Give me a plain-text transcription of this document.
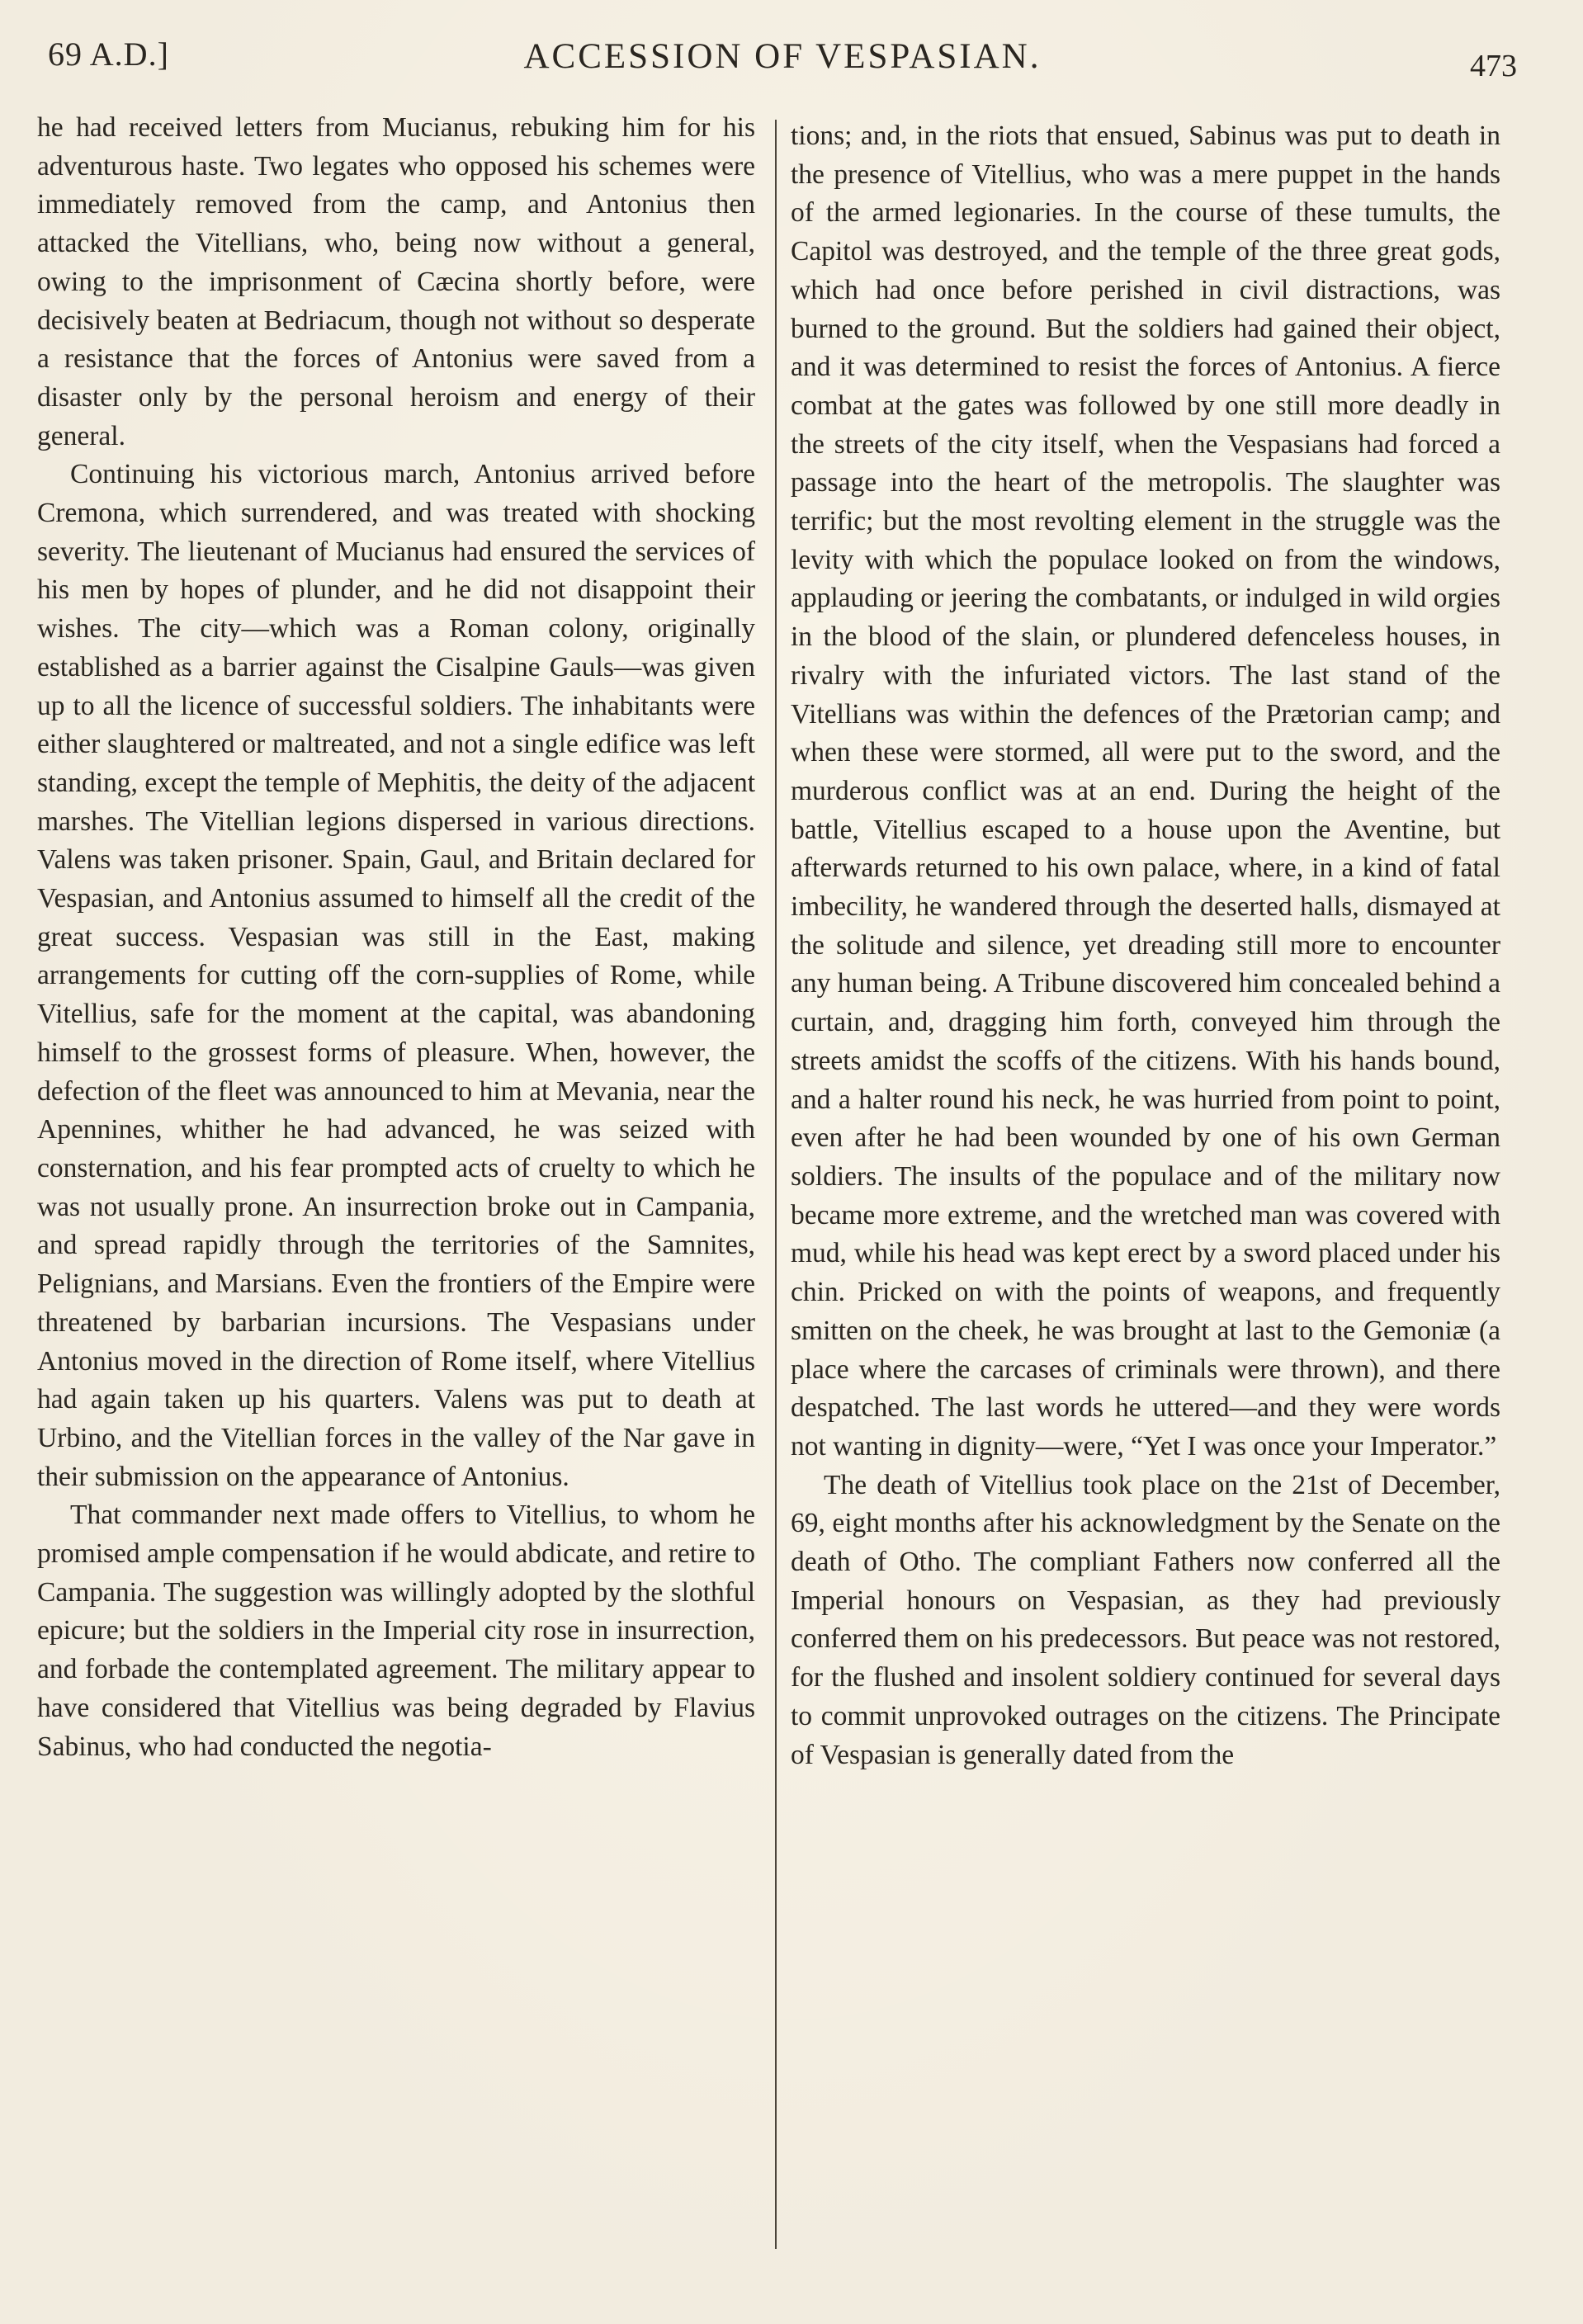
69 A.D.]	ACCESSION OF VESPASIAN.	473

he had received letters from Mucianus, rebuking him for his adventurous haste. Two legates who opposed his schemes were immediately removed from the camp, and Antonius then attacked the Vitellians, who, being now without a general, owing to the imprisonment of Cæcina shortly before, were decisively beaten at Bedriacum, though not without so desperate a resistance that the forces of Antonius were saved from a disaster only by the personal heroism and energy of their general.

Continuing his victorious march, Antonius arrived before Cremona, which surrendered, and was treated with shocking severity. The lieutenant of Mucianus had ensured the services of his men by hopes of plunder, and he did not disappoint their wishes. The city—which was a Roman colony, originally established as a barrier against the Cisalpine Gauls—was given up to all the licence of successful soldiers. The inhabitants were either slaughtered or maltreated, and not a single edifice was left standing, except the temple of Mephitis, the deity of the adjacent marshes. The Vitellian legions dispersed in various directions. Valens was taken prisoner. Spain, Gaul, and Britain declared for Vespasian, and Antonius assumed to himself all the credit of the great success. Vespasian was still in the East, making arrangements for cutting off the corn-supplies of Rome, while Vitellius, safe for the moment at the capital, was abandoning himself to the grossest forms of pleasure. When, however, the defection of the fleet was announced to him at Mevania, near the Apennines, whither he had advanced, he was seized with consternation, and his fear prompted acts of cruelty to which he was not usually prone. An insurrection broke out in Campania, and spread rapidly through the territories of the Samnites, Pelignians, and Marsians. Even the frontiers of the Empire were threatened by barbarian incursions. The Vespasians under Antonius moved in the direction of Rome itself, where Vitellius had again taken up his quarters. Valens was put to death at Urbino, and the Vitellian forces in the valley of the Nar gave in their submission on the appearance of Antonius.

That commander next made offers to Vitellius, to whom he promised ample compensation if he would abdicate, and retire to Campania. The suggestion was willingly adopted by the slothful epicure; but the soldiers in the Imperial city rose in insurrection, and forbade the contemplated agreement. The military appear to have considered that Vitellius was being degraded by Flavius Sabinus, who had conducted the negotia-

tions; and, in the riots that ensued, Sabinus was put to death in the presence of Vitellius, who was a mere puppet in the hands of the armed legionaries. In the course of these tumults, the Capitol was destroyed, and the temple of the three great gods, which had once before perished in civil distractions, was burned to the ground. But the soldiers had gained their object, and it was determined to resist the forces of Antonius. A fierce combat at the gates was followed by one still more deadly in the streets of the city itself, when the Vespasians had forced a passage into the heart of the metropolis. The slaughter was terrific; but the most revolting element in the struggle was the levity with which the populace looked on from the windows, applauding or jeering the combatants, or indulged in wild orgies in the blood of the slain, or plundered defenceless houses, in rivalry with the infuriated victors. The last stand of the Vitellians was within the defences of the Prætorian camp; and when these were stormed, all were put to the sword, and the murderous conflict was at an end. During the height of the battle, Vitellius escaped to a house upon the Aventine, but afterwards returned to his own palace, where, in a kind of fatal imbecility, he wandered through the deserted halls, dismayed at the solitude and silence, yet dreading still more to encounter any human being. A Tribune discovered him concealed behind a curtain, and, dragging him forth, conveyed him through the streets amidst the scoffs of the citizens. With his hands bound, and a halter round his neck, he was hurried from point to point, even after he had been wounded by one of his own German soldiers. The insults of the populace and of the military now became more extreme, and the wretched man was covered with mud, while his head was kept erect by a sword placed under his chin. Pricked on with the points of weapons, and frequently smitten on the cheek, he was brought at last to the Gemoniæ (a place where the carcases of criminals were thrown), and there despatched. The last words he uttered—and they were words not wanting in dignity—were, “Yet I was once your Imperator.”

The death of Vitellius took place on the 21st of December, 69, eight months after his acknowledgment by the Senate on the death of Otho. The compliant Fathers now conferred all the Imperial honours on Vespasian, as they had previously conferred them on his predecessors. But peace was not restored, for the flushed and insolent soldiery continued for several days to commit unprovoked outrages on the citizens. The Principate of Vespasian is generally dated from the
